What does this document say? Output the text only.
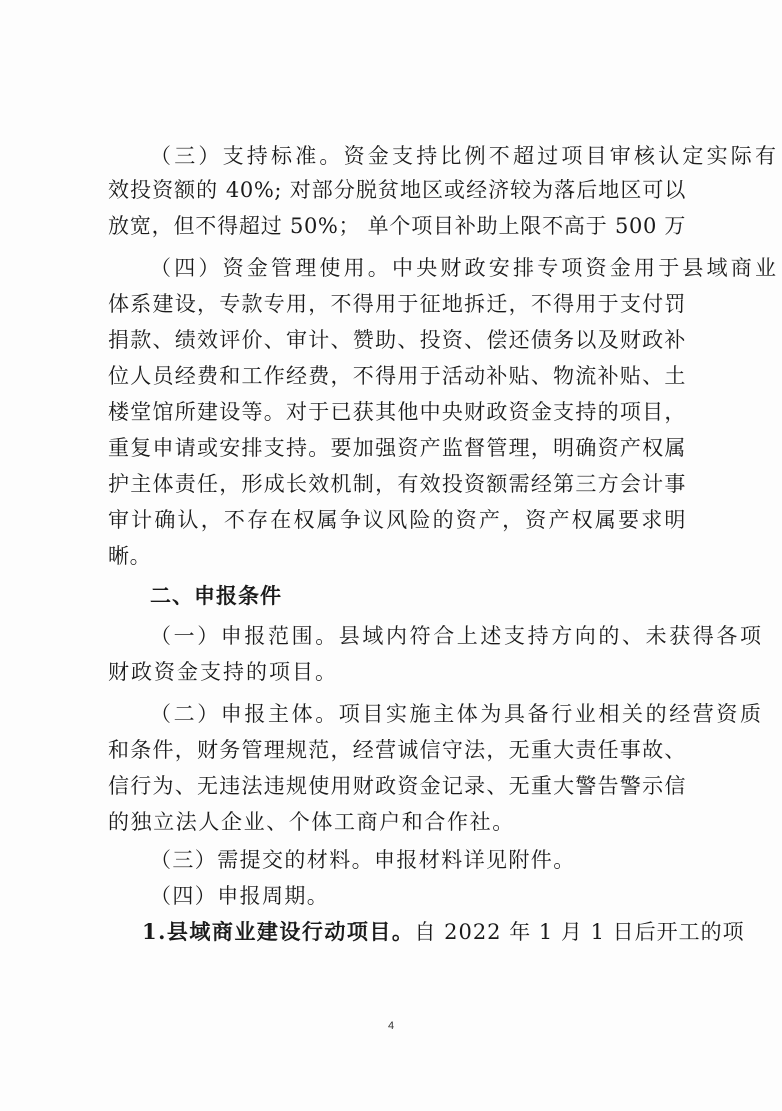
（三）支持标准。资金支持比例不超过项目审核认定实际有
效投资额的 40%; 对部分脱贫地区或经济较为落后地区可以
放宽，但不得超过 50%； 单个项目补助上限不高于 500 万
（四）资金管理使用。中央财政安排专项资金用于县域商业
体系建设，专款专用，不得用于征地拆迁，不得用于支付罚
捐款、绩效评价、审计、赞助、投资、偿还债务以及财政补
位人员经费和工作经费，不得用于活动补贴、物流补贴、土
楼堂馆所建设等。对于已获其他中央财政资金支持的项目，
重复申请或安排支持。要加强资产监督管理，明确资产权属
护主体责任，形成长效机制，有效投资额需经第三方会计事
审计确认，不存在权属争议风险的资产，资产权属要求明
晰。
二、申报条件
（一）申报范围。县域内符合上述支持方向的、未获得各项
财政资金支持的项目。
（二）申报主体。项目实施主体为具备行业相关的经营资质
和条件，财务管理规范，经营诚信守法，无重大责任事故、
信行为、无违法违规使用财政资金记录、无重大警告警示信
的独立法人企业、个体工商户和合作社。
（三）需提交的材料。申报材料详见附件。
（四）申报周期。
1.县域商业建设行动项目。自 2022 年 1 月 1 日后开工的项
4
